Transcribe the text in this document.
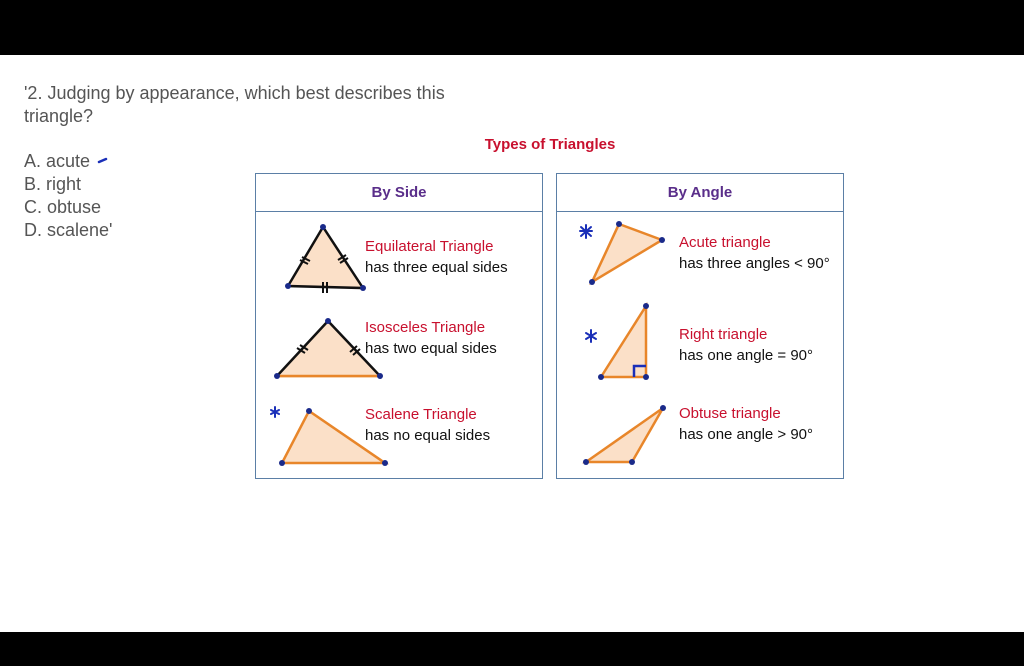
'2. Judging by appearance, which best describes this triangle?
A. acute
B. right
C. obtuse
D. scalene'
Types of Triangles
By Side	By Angle
Equilateral Triangle
has three equal sides
Isosceles Triangle
has two equal sides
Scalene Triangle
has no equal sides
Acute triangle
has three angles < 90°
Right triangle
has one angle = 90°
Obtuse triangle
has one angle > 90°
